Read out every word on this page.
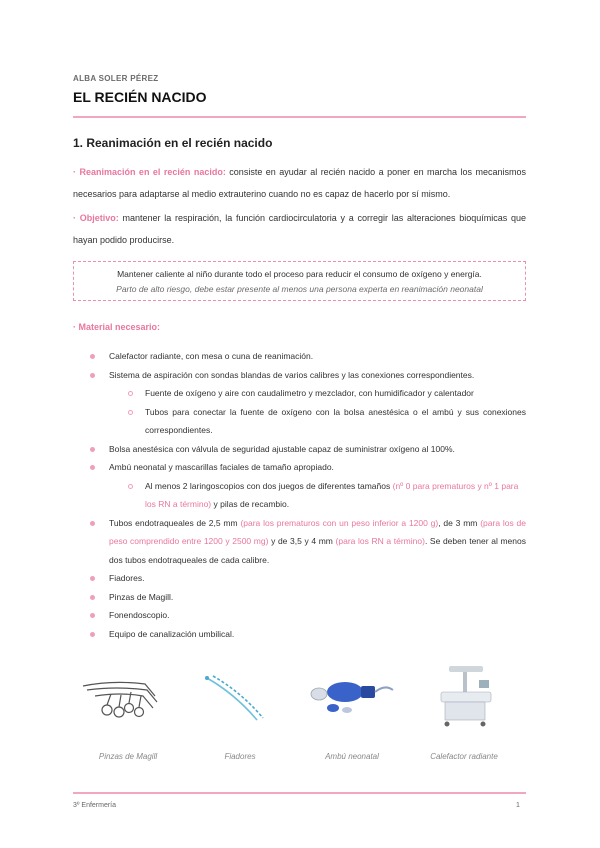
ALBA SOLER PÉREZ
EL RECIÉN NACIDO
1. Reanimación en el recién nacido
· Reanimación en el recién nacido: consiste en ayudar al recién nacido a poner en marcha los mecanismos necesarios para adaptarse al medio extrauterino cuando no es capaz de hacerlo por sí mismo.
· Objetivo: mantener la respiración, la función cardiocirculatoria y a corregir las alteraciones bioquímicas que hayan podido producirse.
Mantener caliente al niño durante todo el proceso para reducir el consumo de oxígeno y energía.
Parto de alto riesgo, debe estar presente al menos una persona experta en reanimación neonatal
· Material necesario:
Calefactor radiante, con mesa o cuna de reanimación.
Sistema de aspiración con sondas blandas de varios calibres y las conexiones correspondientes.
Fuente de oxígeno y aire con caudalimetro y mezclador, con humidificador y calentador
Tubos para conectar la fuente de oxígeno con la bolsa anestésica o el ambú y sus conexiones correspondientes.
Bolsa anestésica con válvula de seguridad ajustable capaz de suministrar oxígeno al 100%.
Ambú neonatal y mascarillas faciales de tamaño apropiado.
Al menos 2 laringoscopios con dos juegos de diferentes tamaños (nº 0 para prematuros y nº 1 para los RN a término) y pilas de recambio.
Tubos endotraqueales de 2,5 mm (para los prematuros con un peso inferior a 1200 g), de 3 mm (para los de peso comprendido entre 1200 y 2500 mg) y de 3,5 y 4 mm (para los RN a término). Se deben tener al menos dos tubos endotraqueales de cada calibre.
Fiadores.
Pinzas de Magill.
Fonendoscopio.
Equipo de canalización umbilical.
Pinzas de Magill	Fiadores	Ambú neonatal	Calefactor radiante
3º Enfermería	1
